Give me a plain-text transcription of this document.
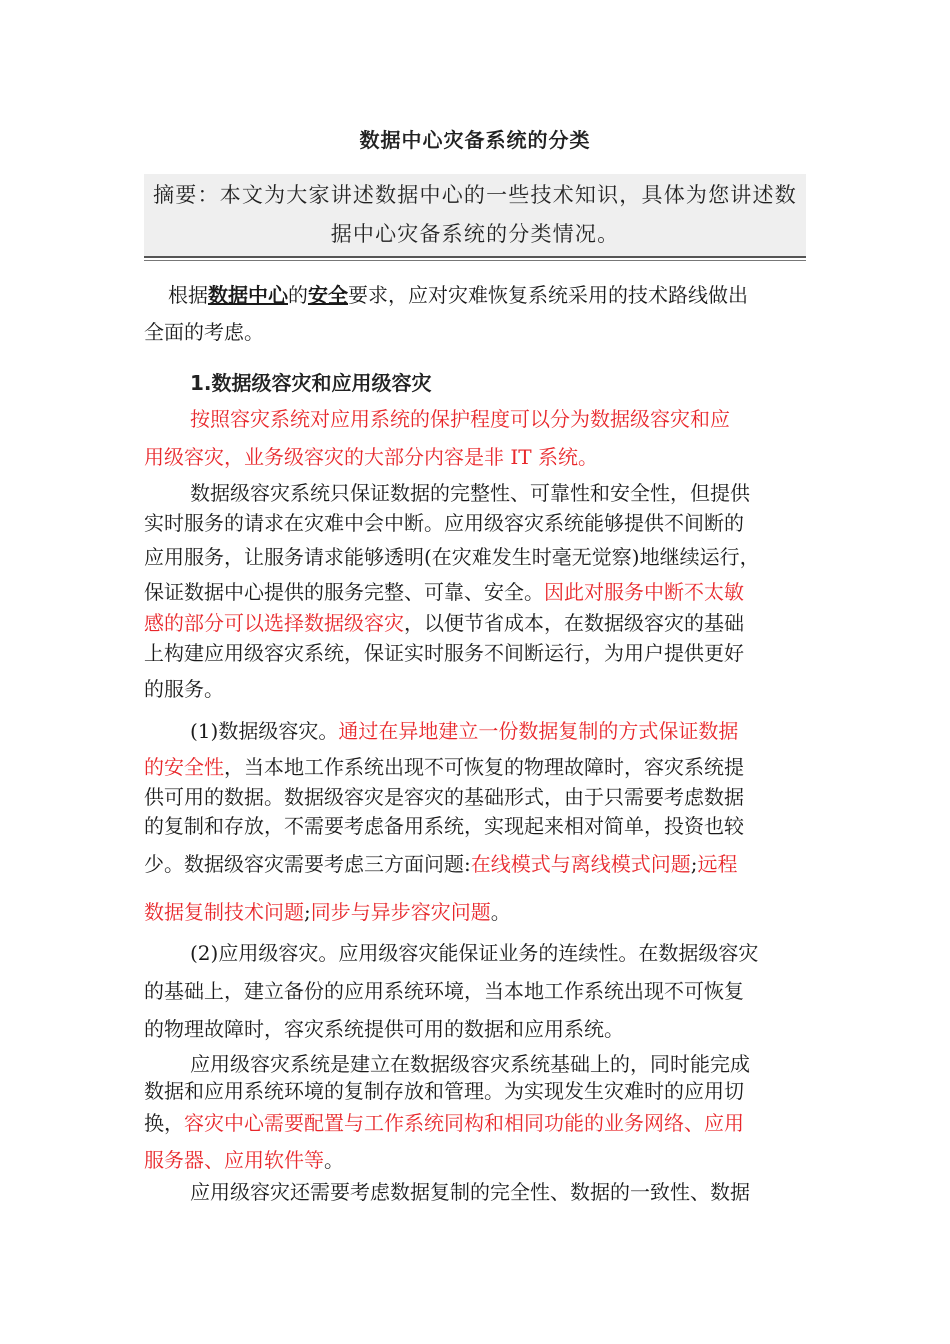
数据中心灾备系统的分类

摘要：本文为大家讲述数据中心的一些技术知识，具体为您讲述数

据中心灾备系统的分类情况。

根据数据中心的安全要求，应对灾难恢复系统采用的技术路线做出
全面的考虑。
1.数据级容灾和应用级容灾
按照容灾系统对应用系统的保护程度可以分为数据级容灾和应
用级容灾，业务级容灾的大部分内容是非 IT 系统。
数据级容灾系统只保证数据的完整性、可靠性和安全性，但提供
实时服务的请求在灾难中会中断。应用级容灾系统能够提供不间断的
应用服务，让服务请求能够透明(在灾难发生时毫无觉察)地继续运行，
保证数据中心提供的服务完整、可靠、安全。因此对服务中断不太敏
感的部分可以选择数据级容灾，以便节省成本，在数据级容灾的基础
上构建应用级容灾系统，保证实时服务不间断运行，为用户提供更好
的服务。
(1)数据级容灾。通过在异地建立一份数据复制的方式保证数据
的安全性，当本地工作系统出现不可恢复的物理故障时，容灾系统提
供可用的数据。数据级容灾是容灾的基础形式，由于只需要考虑数据
的复制和存放，不需要考虑备用系统，实现起来相对简单，投资也较
少。数据级容灾需要考虑三方面问题:在线模式与离线模式问题;远程
数据复制技术问题;同步与异步容灾问题。
(2)应用级容灾。应用级容灾能保证业务的连续性。在数据级容灾
的基础上，建立备份的应用系统环境，当本地工作系统出现不可恢复
的物理故障时，容灾系统提供可用的数据和应用系统。
应用级容灾系统是建立在数据级容灾系统基础上的，同时能完成
数据和应用系统环境的复制存放和管理。为实现发生灾难时的应用切
换，容灾中心需要配置与工作系统同构和相同功能的业务网络、应用
服务器、应用软件等。
应用级容灾还需要考虑数据复制的完全性、数据的一致性、数据
